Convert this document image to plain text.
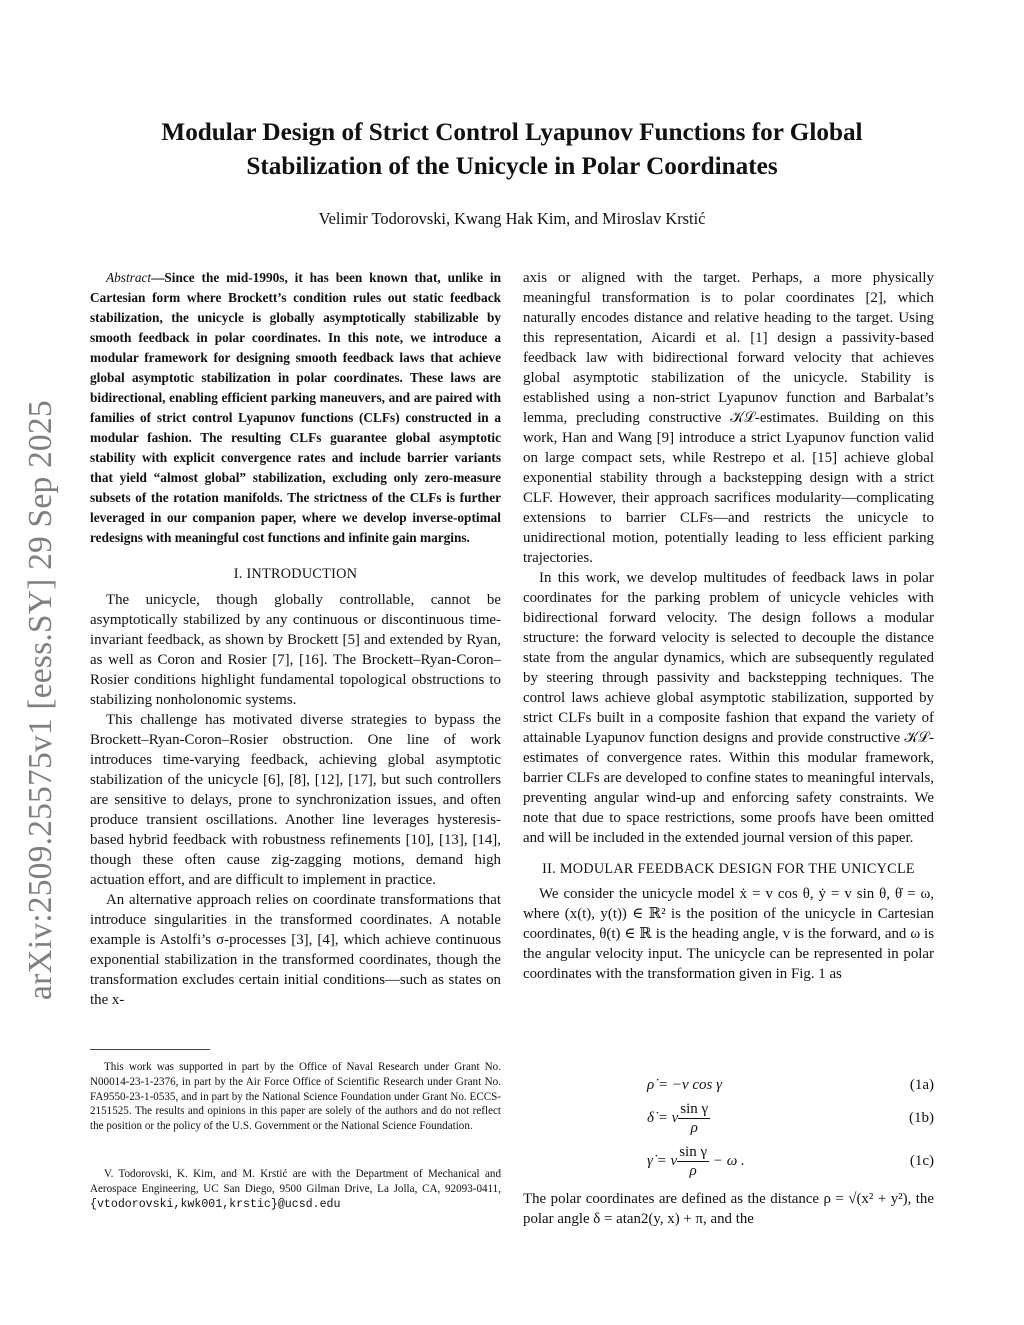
arXiv:2509.25575v1 [eess.SY] 29 Sep 2025
Modular Design of Strict Control Lyapunov Functions for Global
Stabilization of the Unicycle in Polar Coordinates
Velimir Todorovski, Kwang Hak Kim, and Miroslav Krstić

Abstract—Since the mid-1990s, it has been known that, unlike in Cartesian form where Brockett’s condition rules out static feedback stabilization, the unicycle is globally asymptotically stabilizable by smooth feedback in polar coordinates. In this note, we introduce a modular framework for designing smooth feedback laws that achieve global asymptotic stabilization in polar coordinates. These laws are bidirectional, enabling efficient parking maneuvers, and are paired with families of strict control Lyapunov functions (CLFs) constructed in a modular fashion. The resulting CLFs guarantee global asymptotic stability with explicit convergence rates and include barrier variants that yield “almost global” stabilization, excluding only zero-measure subsets of the rotation manifolds. The strictness of the CLFs is further leveraged in our companion paper, where we develop inverse-optimal redesigns with meaningful cost functions and infinite gain margins.

I. INTRODUCTION

The unicycle, though globally controllable, cannot be asymptotically stabilized by any continuous or discontinuous time-invariant feedback, as shown by Brockett [5] and extended by Ryan, as well as Coron and Rosier [7], [16]. The Brockett–Ryan-Coron–Rosier conditions highlight fundamental topological obstructions to stabilizing nonholonomic systems.

This challenge has motivated diverse strategies to bypass the Brockett–Ryan-Coron–Rosier obstruction. One line of work introduces time-varying feedback, achieving global asymptotic stabilization of the unicycle [6], [8], [12], [17], but such controllers are sensitive to delays, prone to synchronization issues, and often produce transient oscillations. Another line leverages hysteresis-based hybrid feedback with robustness refinements [10], [13], [14], though these often cause zig-zagging motions, demand high actuation effort, and are difficult to implement in practice.

An alternative approach relies on coordinate transformations that introduce singularities in the transformed coordinates. A notable example is Astolfi’s σ-processes [3], [4], which achieve continuous exponential stabilization in the transformed coordinates, though the transformation excludes certain initial conditions—such as states on the x-

This work was supported in part by the Office of Naval Research under Grant No. N00014-23-1-2376, in part by the Air Force Office of Scientific Research under Grant No. FA9550-23-1-0535, and in part by the National Science Foundation under Grant No. ECCS-2151525. The results and opinions in this paper are solely of the authors and do not reflect the position or the policy of the U.S. Government or the National Science Foundation.

V. Todorovski, K. Kim, and M. Krstić are with the Department of Mechanical and Aerospace Engineering, UC San Diego, 9500 Gilman Drive, La Jolla, CA, 92093-0411, {vtodorovski,kwk001,krstic}@ucsd.edu

axis or aligned with the target. Perhaps, a more physically meaningful transformation is to polar coordinates [2], which naturally encodes distance and relative heading to the target. Using this representation, Aicardi et al. [1] design a passivity-based feedback law with bidirectional forward velocity that achieves global asymptotic stabilization of the unicycle. Stability is established using a non-strict Lyapunov function and Barbalat’s lemma, precluding constructive 𝒦ℒ-estimates. Building on this work, Han and Wang [9] introduce a strict Lyapunov function valid on large compact sets, while Restrepo et al. [15] achieve global exponential stability through a backstepping design with a strict CLF. However, their approach sacrifices modularity—complicating extensions to barrier CLFs—and restricts the unicycle to unidirectional motion, potentially leading to less efficient parking trajectories.

In this work, we develop multitudes of feedback laws in polar coordinates for the parking problem of unicycle vehicles with bidirectional forward velocity. The design follows a modular structure: the forward velocity is selected to decouple the distance state from the angular dynamics, which are subsequently regulated by steering through passivity and backstepping techniques. The control laws achieve global asymptotic stabilization, supported by strict CLFs built in a composite fashion that expand the variety of attainable Lyapunov function designs and provide constructive 𝒦ℒ-estimates of convergence rates. Within this modular framework, barrier CLFs are developed to confine states to meaningful intervals, preventing angular wind-up and enforcing safety constraints. We note that due to space restrictions, some proofs have been omitted and will be included in the extended journal version of this paper.

II. MODULAR FEEDBACK DESIGN FOR THE UNICYCLE

We consider the unicycle model ẋ = v cos θ, ẏ = v sin θ, θ̇ = ω, where (x(t), y(t)) ∈ ℝ² is the position of the unicycle in Cartesian coordinates, θ(t) ∈ ℝ is the heading angle, v is the forward, and ω is the angular velocity input. The unicycle can be represented in polar coordinates with the transformation given in Fig. 1 as

ρ̇ = −v cos γ	(1a)
δ̇ = v $\frac{\text{sin γ}}{\rho}$	(1b)
γ̇ = v $\frac{\text{sin γ}}{\rho} - \omega$ .	(1c)

The polar coordinates are defined as the distance ρ = √(x² + y²), the polar angle δ = atan2(y, x) + π, and the
